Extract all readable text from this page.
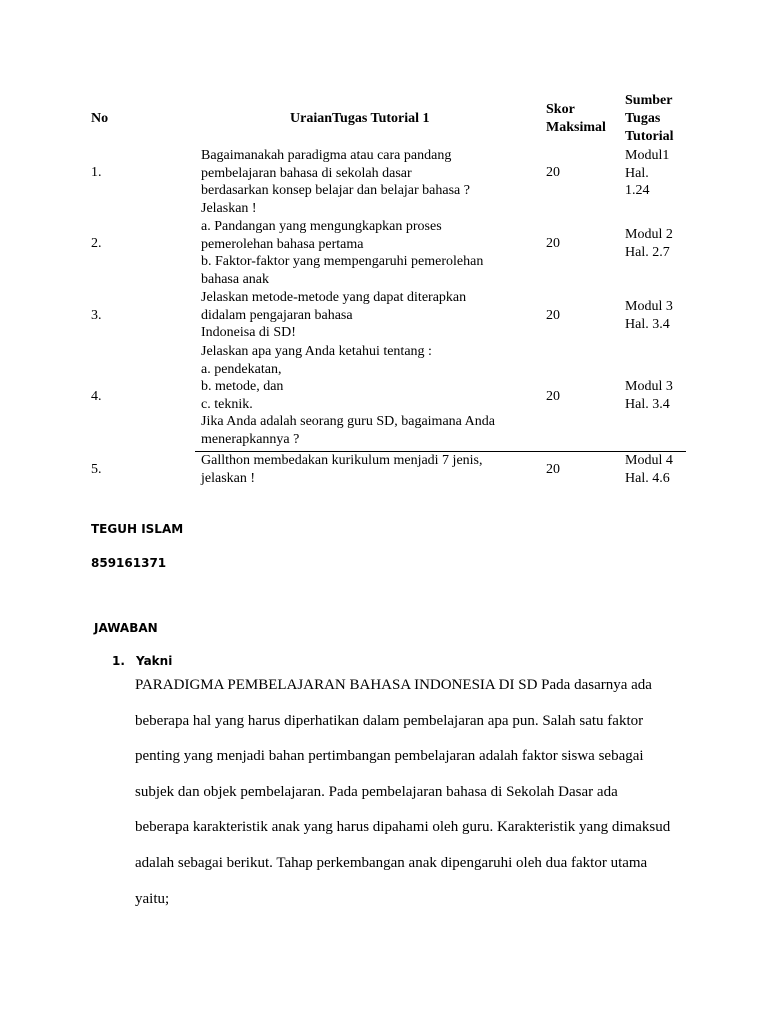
No	UraianTugas Tutorial 1
Skor
Maksimal
Sumber
Tugas
Tutorial
1.
Bagaimanakah paradigma atau cara pandang
pembelajaran bahasa di sekolah dasar
berdasarkan konsep belajar dan belajar bahasa ?
Jelaskan !
20
Modul1
Hal.
1.24
2.
a. Pandangan yang mengungkapkan proses
pemerolehan bahasa pertama
b. Faktor-faktor yang mempengaruhi pemerolehan
bahasa anak
20
Modul 2
Hal. 2.7
3.
Jelaskan metode-metode yang dapat diterapkan
didalam pengajaran bahasa
Indoneisa di SD!
20
Modul 3
Hal. 3.4
4.
Jelaskan apa yang Anda ketahui tentang :
a. pendekatan,
b. metode, dan
c. teknik.
Jika Anda adalah seorang guru SD, bagaimana Anda
menerapkannya ?
20
Modul 3
Hal. 3.4
5.
Gallthon membedakan kurikulum menjadi 7 jenis,
jelaskan !
20
Modul 4
Hal. 4.6
TEGUH ISLAM
859161371
JAWABAN
1. Yakni
PARADIGMA PEMBELAJARAN BAHASA INDONESIA DI SD Pada dasarnya ada
beberapa hal yang harus diperhatikan dalam pembelajaran apa pun. Salah satu faktor
penting yang menjadi bahan pertimbangan pembelajaran adalah faktor siswa sebagai
subjek dan objek pembelajaran. Pada pembelajaran bahasa di Sekolah Dasar ada
beberapa karakteristik anak yang harus dipahami oleh guru. Karakteristik yang dimaksud
adalah sebagai berikut. Tahap perkembangan anak dipengaruhi oleh dua faktor utama
yaitu;
